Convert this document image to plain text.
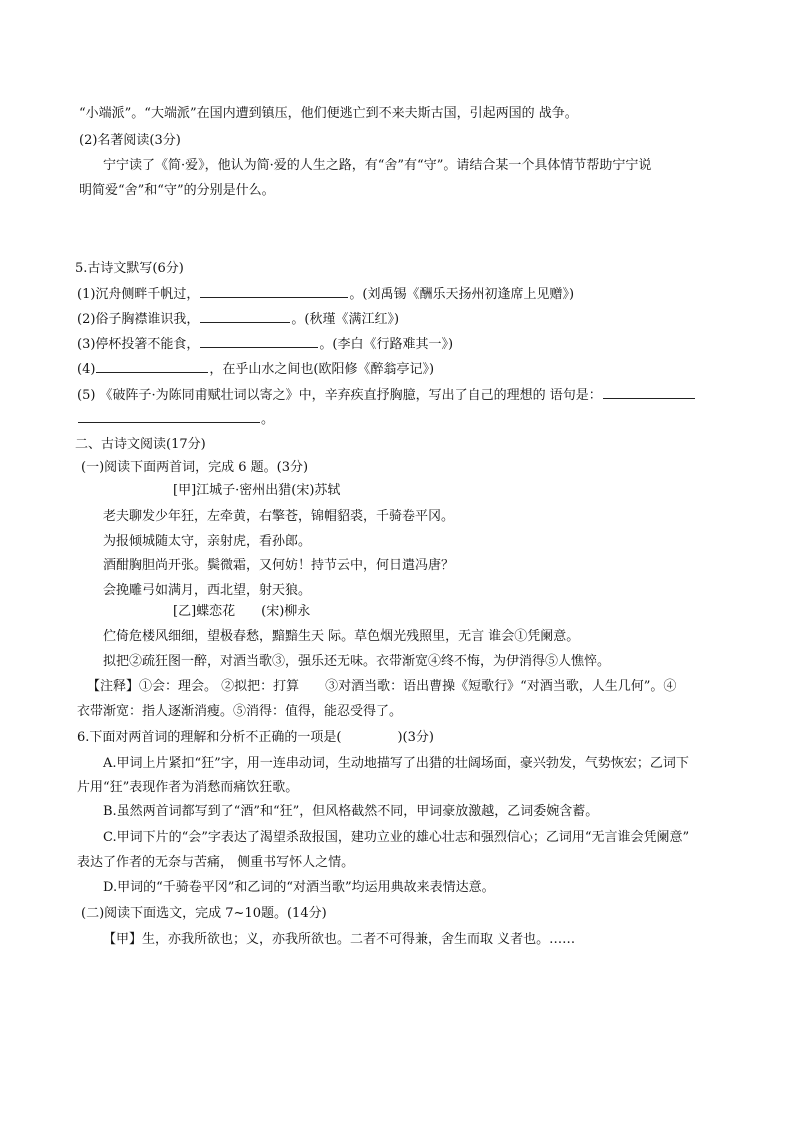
“小端派”。“大端派”在国内遭到镇压，他们便逃亡到不来夫斯古国，引起两国的 战争。
(2)名著阅读(3分)
宁宁读了《简·爱》，他认为简·爱的人生之路，有“舍”有“守”。请结合某一个具体情节帮助宁宁说
明简爱“舍”和“守”的分别是什么。
5.古诗文默写(6分)
(1)沉舟侧畔千帆过，	。(刘禹锡《酬乐天扬州初逢席上见赠》)
(2)俗子胸襟谁识我，	。(秋瑾《满江红》)
(3)停杯投箸不能食，	。(李白《行路难其一》)
(4)	，在乎山水之间也(欧阳修《醉翁亭记》)
(5) 《破阵子·为陈同甫赋壮词以寄之》中，辛弃疾直抒胸臆，写出了自己的理想的 语句是：
。
二、古诗文阅读(17分)
(一)阅读下面两首词，完成 6 题。(3分)
[甲]江城子·密州出猎(宋)苏轼
老夫聊发少年狂，左牵黄，右擎苍，锦帽貂裘，千骑卷平冈。
为报倾城随太守，亲射虎，看孙郎。
酒酣胸胆尚开张。鬓微霜，又何妨！持节云中，何日遣冯唐？
会挽雕弓如满月，西北望，射天狼。
[乙]蝶恋花　　(宋)柳永
伫倚危楼风细细，望极春愁，黯黯生天 际。草色烟光残照里，无言 谁会①凭阑意。
拟把②疏狂图一醉，对酒当歌③，强乐还无味。衣带渐宽④终不悔，为伊消得⑤人憔悴。
【注释】①会：理会。 ②拟把：打算　　③对酒当歌：语出曹操《短歌行》“对酒当歌，人生几何”。④
衣带渐宽：指人逐渐消瘦。⑤消得：值得，能忍受得了。
6.下面对两首词的理解和分析不正确的一项是(	)(3分)
A.甲词上片紧扣“狂”字，用一连串动词，生动地描写了出猎的壮阔场面，豪兴勃发，气势恢宏；乙词下
片用“狂”表现作者为消愁而痛饮狂歌。
B.虽然两首词都写到了“酒”和“狂”，但风格截然不同，甲词豪放激越，乙词委婉含蓄。
C.甲词下片的“会”字表达了渴望杀敌报国，建功立业的雄心壮志和强烈信心；乙词用“无言谁会凭阑意”
表达了作者的无奈与苦痛， 侧重书写怀人之情。
D.甲词的“千骑卷平冈”和乙词的“对酒当歌”均运用典故来表情达意。
(二)阅读下面选文，完成 7~10题。(14分)
【甲】生，亦我所欲也；义，亦我所欲也。二者不可得兼，舍生而取 义者也。……
